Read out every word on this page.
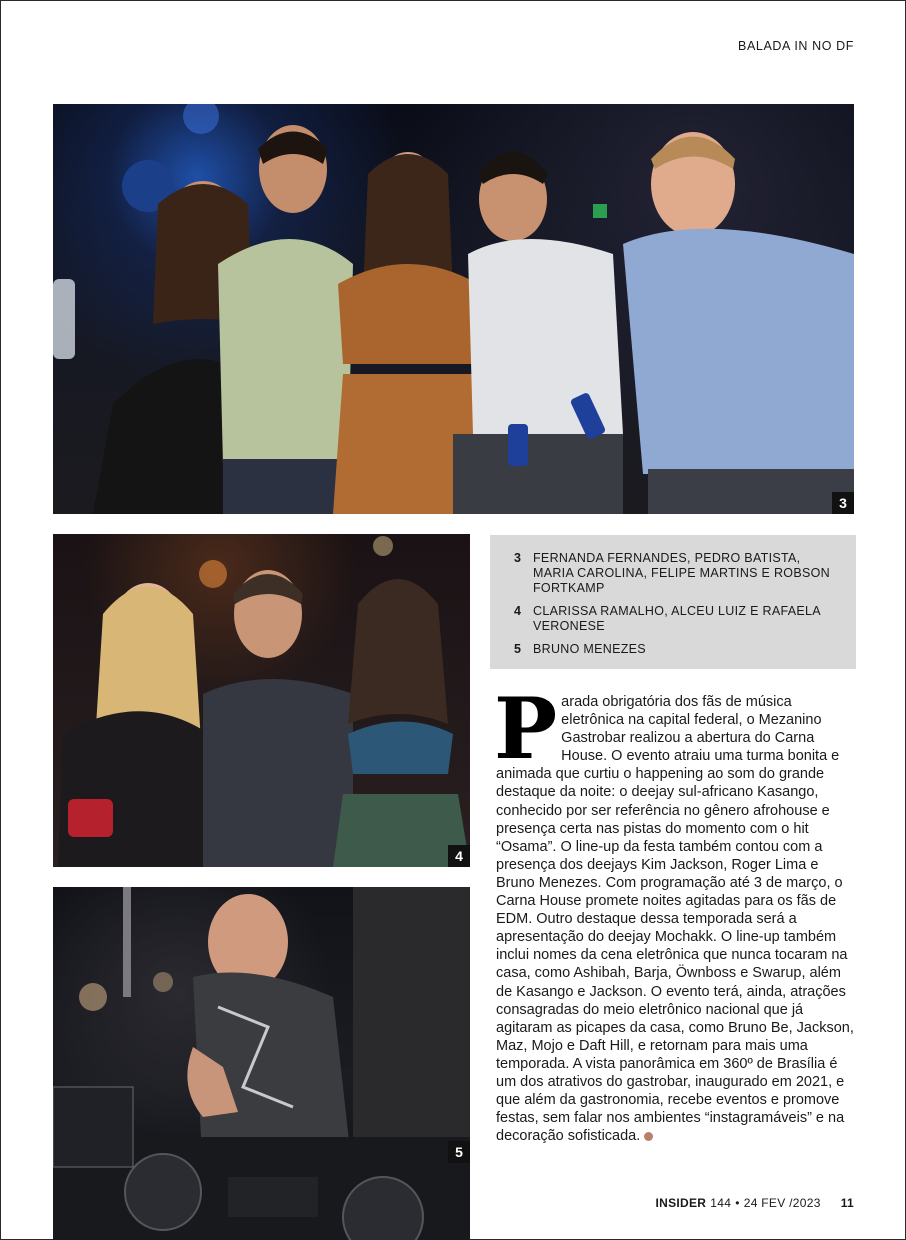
BALADA IN NO DF
3
4
3 FERNANDA FERNANDES, PEDRO BATISTA, MARIA CAROLINA, FELIPE MARTINS E ROBSON FORTKAMP
4 CLARISSA RAMALHO, ALCEU LUIZ E RAFAELA VERONESE
5 BRUNO MENEZES
Parada obrigatória dos fãs de música eletrônica na capital federal, o Mezanino Gastrobar realizou a abertura do Carna House. O evento atraiu uma turma bonita e animada que curtiu o happening ao som do grande destaque da noite: o deejay sul-africano Kasango, conhecido por ser referência no gênero afrohouse e presença certa nas pistas do momento com o hit “Osama”. O line-up da festa também contou com a presença dos deejays Kim Jackson, Roger Lima e Bruno Menezes. Com programação até 3 de março, o Carna House promete noites agitadas para os fãs de EDM. Outro destaque dessa temporada será a apresentação do deejay Mochakk. O line-up também inclui nomes da cena eletrônica que nunca tocaram na casa, como Ashibah, Barja, Öwnboss e Swarup, além de Kasango e Jackson. O evento terá, ainda, atrações consagradas do meio eletrônico nacional que já agitaram as picapes da casa, como Bruno Be, Jackson, Maz, Mojo e Daft Hill, e retornam para mais uma temporada. A vista panorâmica em 360º de Brasília é um dos atrativos do gastrobar, inaugurado em 2021, e que além da gastronomia, recebe eventos e promove festas, sem falar nos ambientes “instagramáveis” e na decoração sofisticada.
5
INSIDER 144 • 24 FEV /2023 11
